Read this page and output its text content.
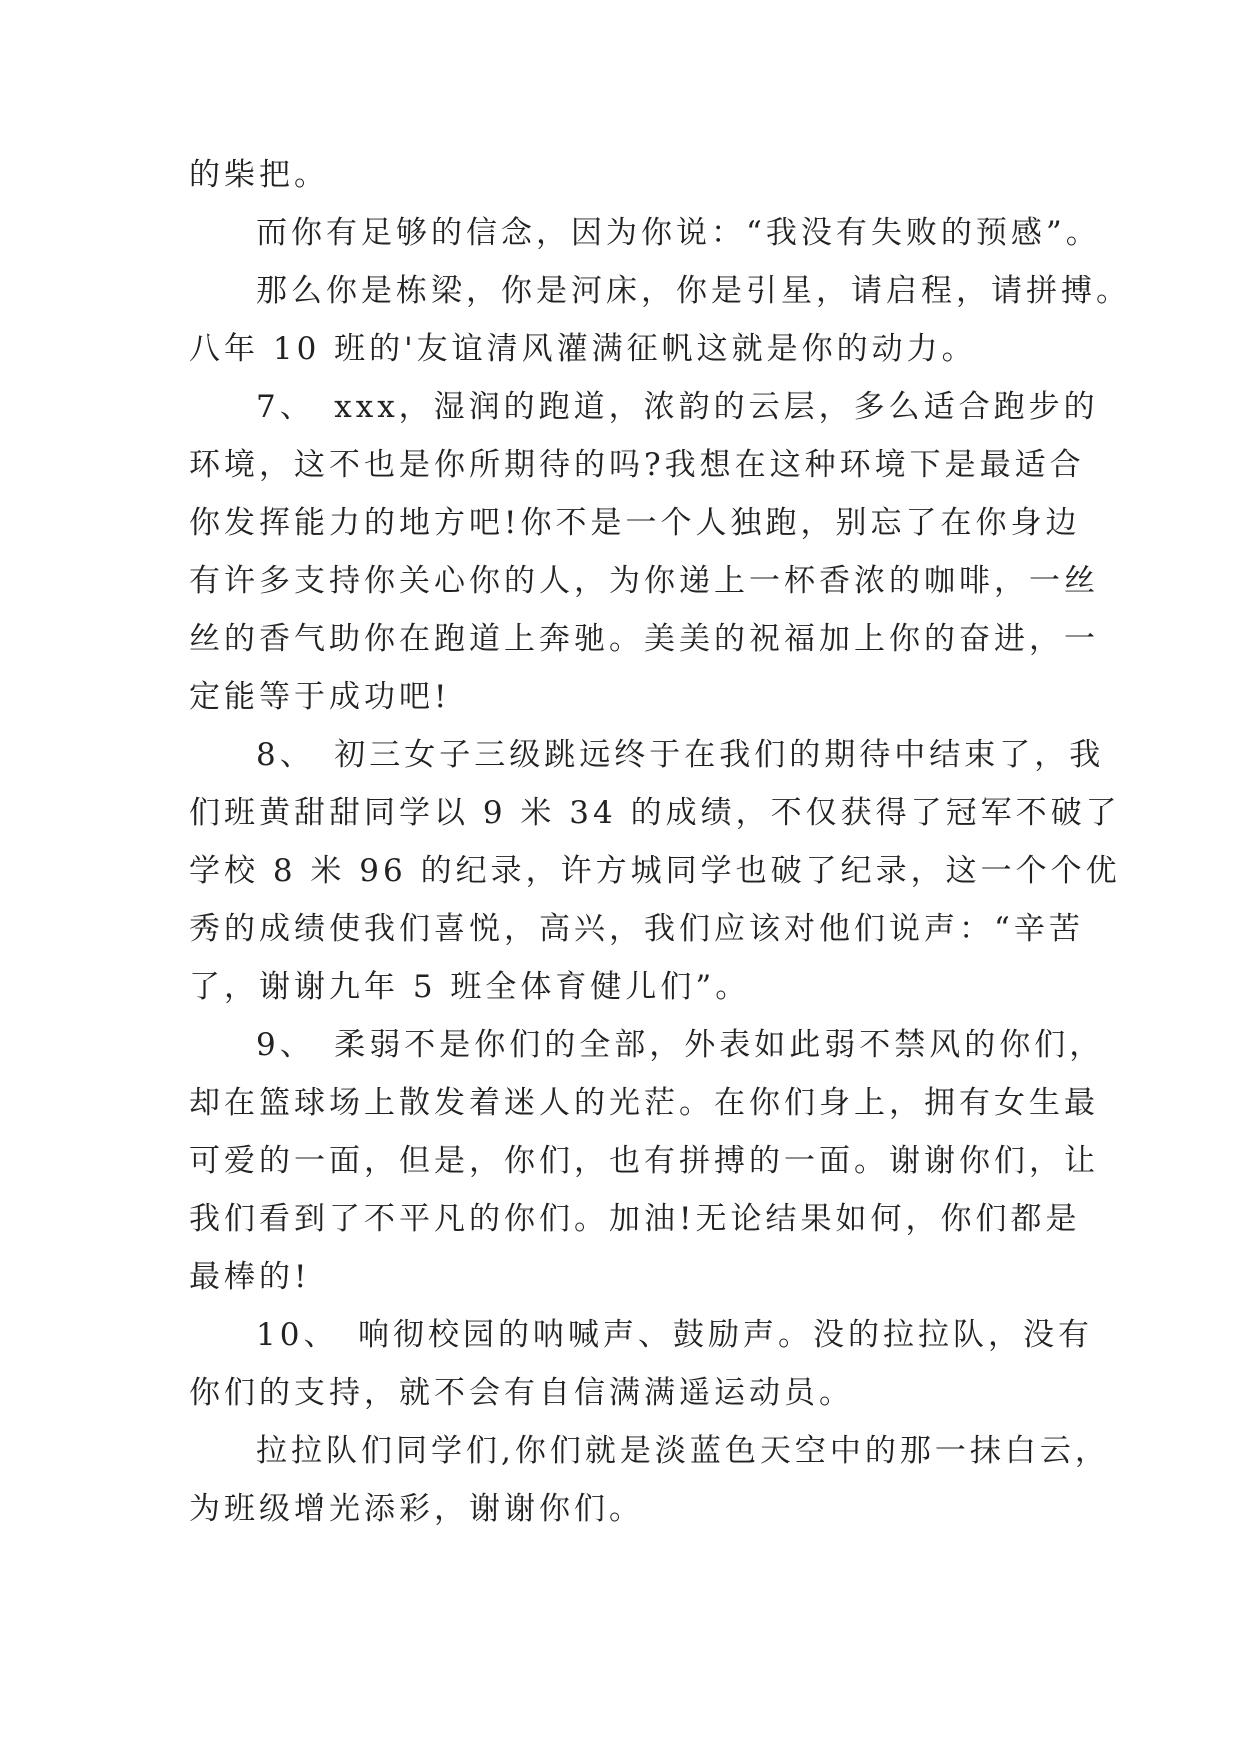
的柴把。
而你有足够的信念，因为你说：“我没有失败的预感”。
那么你是栋梁，你是河床，你是引星，请启程，请拼搏。
八年 10 班的'友谊清风灌满征帆这就是你的动力。
7、　xxx，湿润的跑道，浓韵的云层，多么适合跑步的
环境，这不也是你所期待的吗?我想在这种环境下是最适合
你发挥能力的地方吧!你不是一个人独跑，别忘了在你身边
有许多支持你关心你的人，为你递上一杯香浓的咖啡，一丝
丝的香气助你在跑道上奔驰。美美的祝福加上你的奋进，一
定能等于成功吧!
8、　初三女子三级跳远终于在我们的期待中结束了，我
们班黄甜甜同学以 9 米 34 的成绩，不仅获得了冠军不破了
学校 8 米 96 的纪录，许方城同学也破了纪录，这一个个优
秀的成绩使我们喜悦，高兴，我们应该对他们说声：“辛苦
了，谢谢九年 5 班全体育健儿们”。
9、　柔弱不是你们的全部，外表如此弱不禁风的你们，
却在篮球场上散发着迷人的光茫。在你们身上，拥有女生最
可爱的一面，但是，你们，也有拼搏的一面。谢谢你们，让
我们看到了不平凡的你们。加油!无论结果如何，你们都是
最棒的!
10、　响彻校园的呐喊声、鼓励声。没的拉拉队，没有
你们的支持，就不会有自信满满遥运动员。
拉拉队们同学们,你们就是淡蓝色天空中的那一抹白云，
为班级增光添彩，谢谢你们。
